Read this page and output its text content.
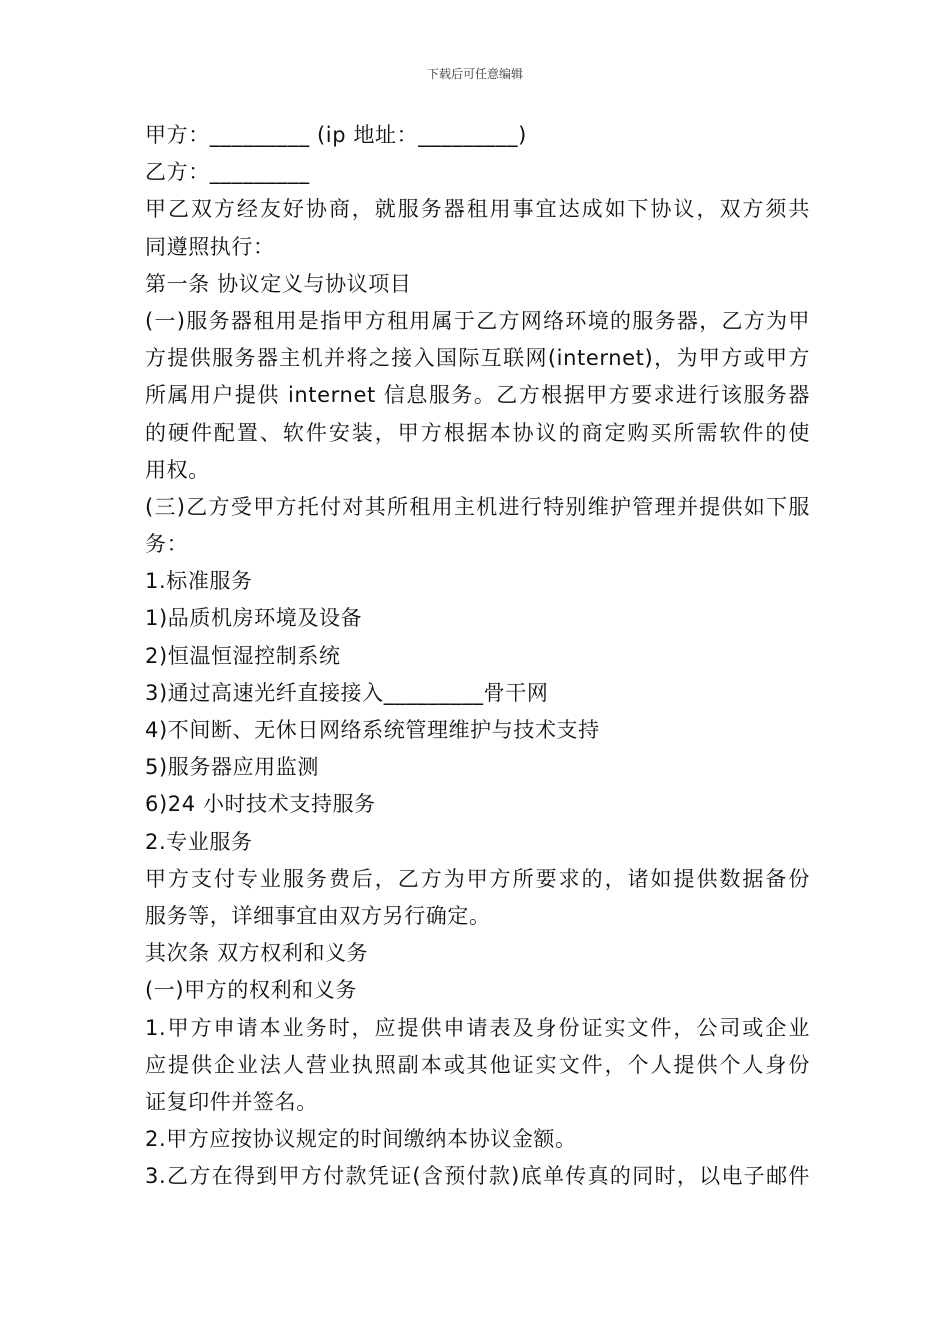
下载后可任意编辑
甲方：_________ (ip 地址：_________)
乙方：_________
甲乙双方经友好协商，就服务器租用事宜达成如下协议，双方须共
同遵照执行：
第一条 协议定义与协议项目
(一)服务器租用是指甲方租用属于乙方网络环境的服务器，乙方为甲
方提供服务器主机并将之接入国际互联网(internet)，为甲方或甲方
所属用户提供 internet 信息服务。乙方根据甲方要求进行该服务器
的硬件配置、软件安装，甲方根据本协议的商定购买所需软件的使
用权。
(三)乙方受甲方托付对其所租用主机进行特别维护管理并提供如下服
务：
1.标准服务
1)品质机房环境及设备
2)恒温恒湿控制系统
3)通过高速光纤直接接入_________骨干网
4)不间断、无休日网络系统管理维护与技术支持
5)服务器应用监测
6)24 小时技术支持服务
2.专业服务
甲方支付专业服务费后，乙方为甲方所要求的，诸如提供数据备份
服务等，详细事宜由双方另行确定。
其次条 双方权利和义务
(一)甲方的权利和义务
1.甲方申请本业务时，应提供申请表及身份证实文件，公司或企业
应提供企业法人营业执照副本或其他证实文件，个人提供个人身份
证复印件并签名。
2.甲方应按协议规定的时间缴纳本协议金额。
3.乙方在得到甲方付款凭证(含预付款)底单传真的同时，以电子邮件
